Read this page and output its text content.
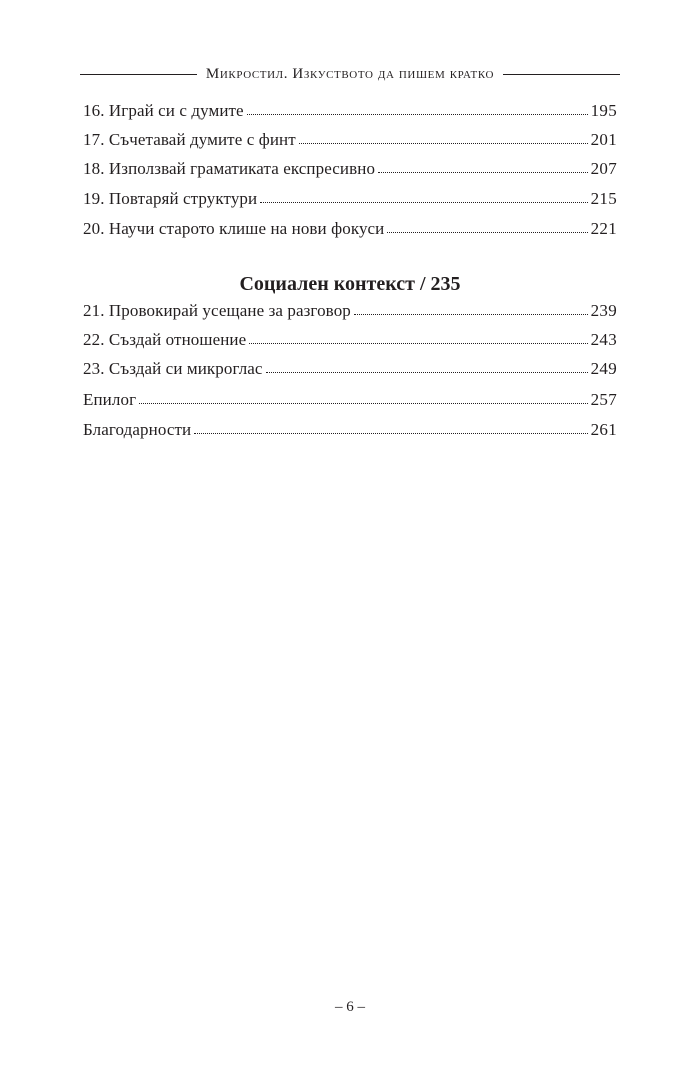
Микростил. Изкуството да пишем кратко
16. Играй си с думите	195
17. Съчетавай думите с финт	201
18. Използвай граматиката експресивно	207
19. Повтаряй структури	215
20. Научи старото клише на нови фокуси	221
21. Провокирай усещане за разговор	239
22. Създай отношение	243
23. Създай си микроглас	249
Епилог	257
Благодарности	261
Социален контекст / 235
– 6 –
